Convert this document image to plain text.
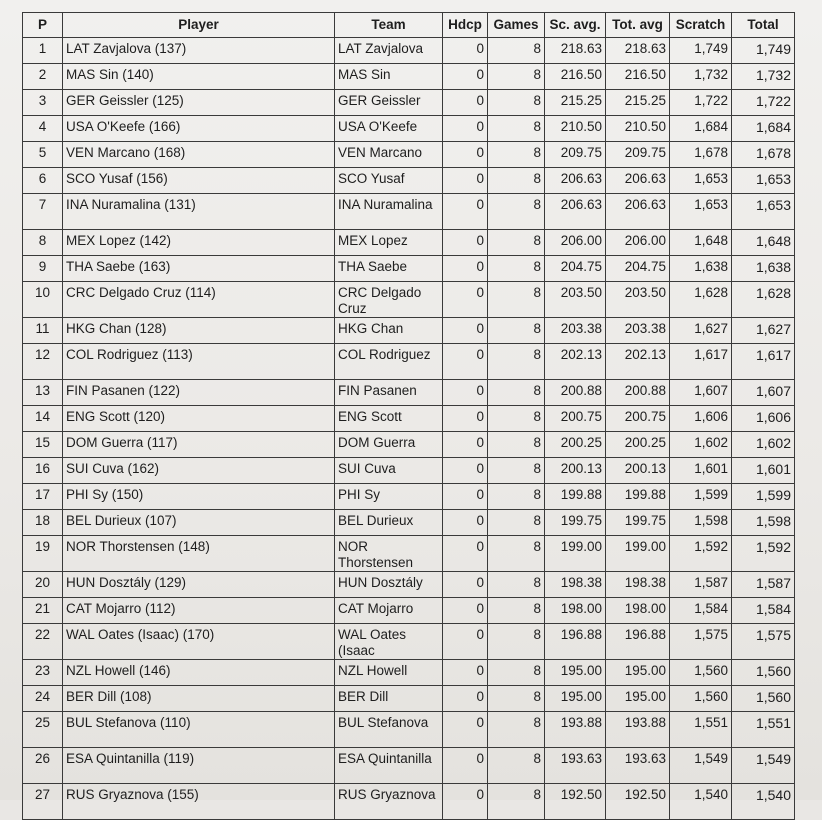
P	Player	Team	Hdcp	Games	Sc. avg.	Tot. avg	Scratch	Total
1	LAT Zavjalova (137)	LAT Zavjalova	0	8	218.63	218.63	1,749	1,749
2	MAS Sin (140)	MAS Sin	0	8	216.50	216.50	1,732	1,732
3	GER Geissler (125)	GER Geissler	0	8	215.25	215.25	1,722	1,722
4	USA O'Keefe (166)	USA O'Keefe	0	8	210.50	210.50	1,684	1,684
5	VEN Marcano (168)	VEN Marcano	0	8	209.75	209.75	1,678	1,678
6	SCO Yusaf (156)	SCO Yusaf	0	8	206.63	206.63	1,653	1,653
7	INA Nuramalina (131)	INA Nuramalina	0	8	206.63	206.63	1,653	1,653
8	MEX Lopez (142)	MEX Lopez	0	8	206.00	206.00	1,648	1,648
9	THA Saebe (163)	THA Saebe	0	8	204.75	204.75	1,638	1,638
10	CRC Delgado Cruz (114)	CRC Delgado Cruz	0	8	203.50	203.50	1,628	1,628
11	HKG Chan (128)	HKG Chan	0	8	203.38	203.38	1,627	1,627
12	COL Rodriguez (113)	COL Rodriguez	0	8	202.13	202.13	1,617	1,617
13	FIN Pasanen (122)	FIN Pasanen	0	8	200.88	200.88	1,607	1,607
14	ENG Scott (120)	ENG Scott	0	8	200.75	200.75	1,606	1,606
15	DOM Guerra (117)	DOM Guerra	0	8	200.25	200.25	1,602	1,602
16	SUI Cuva (162)	SUI Cuva	0	8	200.13	200.13	1,601	1,601
17	PHI Sy (150)	PHI Sy	0	8	199.88	199.88	1,599	1,599
18	BEL Durieux (107)	BEL Durieux	0	8	199.75	199.75	1,598	1,598
19	NOR Thorstensen (148)	NOR Thorstensen	0	8	199.00	199.00	1,592	1,592
20	HUN Dosztály (129)	HUN Dosztály	0	8	198.38	198.38	1,587	1,587
21	CAT Mojarro (112)	CAT Mojarro	0	8	198.00	198.00	1,584	1,584
22	WAL Oates (Isaac) (170)	WAL Oates (Isaac	0	8	196.88	196.88	1,575	1,575
23	NZL Howell (146)	NZL Howell	0	8	195.00	195.00	1,560	1,560
24	BER Dill (108)	BER Dill	0	8	195.00	195.00	1,560	1,560
25	BUL Stefanova (110)	BUL Stefanova	0	8	193.88	193.88	1,551	1,551
26	ESA Quintanilla (119)	ESA Quintanilla	0	8	193.63	193.63	1,549	1,549
27	RUS Gryaznova (155)	RUS Gryaznova	0	8	192.50	192.50	1,540	1,540
